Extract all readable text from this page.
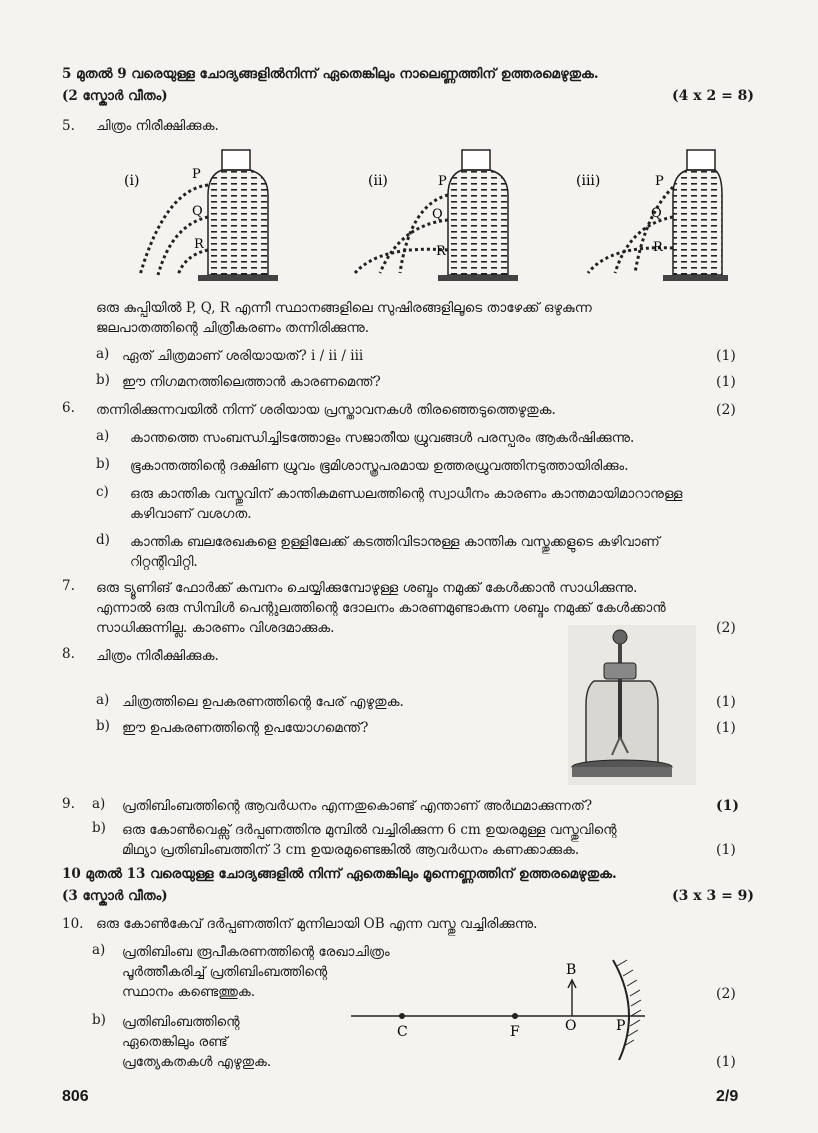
5 മുതൽ 9 വരെയുള്ള ചോദ്യങ്ങളിൽനിന്ന് ഏതെങ്കിലും നാലെണ്ണത്തിന് ഉത്തരമെഴുതുക.
(2 സ്കോർ വീതം)	(4 x 2 = 8)
5. ചിത്രം നിരീക്ഷിക്കുക.
(i)	P
Q
R
(ii)	P
Q
R
(iii)	P
Q
R
ഒരു കുപ്പിയിൽ P, Q, R എന്നീ സ്ഥാനങ്ങളിലെ സുഷിരങ്ങളിലൂടെ താഴേക്ക് ഒഴുകുന്ന
ജലപാതത്തിന്റെ ചിത്രീകരണം തന്നിരിക്കുന്നു.
a) ഏത് ചിത്രമാണ് ശരിയായത്? i / ii / iii	(1)
b) ഈ നിഗമനത്തിലെത്താൻ കാരണമെന്ത്?	(1)
6. തന്നിരിക്കുന്നവയിൽ നിന്ന് ശരിയായ പ്രസ്താവനകൾ തിരഞ്ഞെടുത്തെഴുതുക.	(2)
a) കാന്തത്തെ സംബന്ധിച്ചിടത്തോളം സജാതീയ ധ്രുവങ്ങൾ പരസ്പരം ആകർഷിക്കുന്നു.
b) ഭൂകാന്തത്തിന്റെ ദക്ഷിണ ധ്രുവം ഭൂമിശാസ്ത്രപരമായ ഉത്തരധ്രുവത്തിനടുത്തായിരിക്കും.
c) ഒരു കാന്തിക വസ്തുവിന് കാന്തികമണ്ഡലത്തിന്റെ സ്വാധീനം കാരണം കാന്തമായിമാറാനുള്ള
കഴിവാണ് വശഗത.
d) കാന്തിക ബലരേഖകളെ ഉള്ളിലേക്ക് കടത്തിവിടാനുള്ള കാന്തിക വസ്തുക്കളുടെ കഴിവാണ്
റിറ്റന്റിവിറ്റി.
7. ഒരു ട്യൂണിങ് ഫോർക്ക് കമ്പനം ചെയ്യിക്കുമ്പോഴുള്ള ശബ്ദം നമുക്ക് കേൾക്കാൻ സാധിക്കുന്നു.
എന്നാൽ ഒരു സിമ്പിൾ പെന്റുലത്തിന്റെ ദോലനം കാരണമുണ്ടാകുന്ന ശബ്ദം നമുക്ക് കേൾക്കാൻ
സാധിക്കുന്നില്ല. കാരണം വിശദമാക്കുക.	(2)
8. ചിത്രം നിരീക്ഷിക്കുക.
a) ചിത്രത്തിലെ ഉപകരണത്തിന്റെ പേര് എഴുതുക.	(1)
b) ഈ ഉപകരണത്തിന്റെ ഉപയോഗമെന്ത്?	(1)
9. a) പ്രതിബിംബത്തിന്റെ ആവർധനം എന്നതുകൊണ്ട് എന്താണ് അർഥമാക്കുന്നത്?	(1)
b) ഒരു കോൺവെക്സ് ദർപ്പണത്തിനു മുമ്പിൽ വച്ചിരിക്കുന്ന 6 cm ഉയരമുള്ള വസ്തുവിന്റെ
മിഥ്യാ പ്രതിബിംബത്തിന് 3 cm ഉയരമുണ്ടെങ്കിൽ ആവർധനം കണക്കാക്കുക.	(1)
10 മുതൽ 13 വരെയുള്ള ചോദ്യങ്ങളിൽ നിന്ന് ഏതെങ്കിലും മൂന്നെണ്ണത്തിന് ഉത്തരമെഴുതുക.
(3 സ്കോർ വീതം)	(3 x 3 = 9)
10. ഒരു കോൺകേവ് ദർപ്പണത്തിന് മുന്നിലായി OB എന്ന വസ്തു വച്ചിരിക്കുന്നു.
a) പ്രതിബിംബ രൂപീകരണത്തിന്റെ രേഖാചിത്രം
പൂർത്തീകരിച്ച് പ്രതിബിംബത്തിന്റെ
സ്ഥാനം കണ്ടെത്തുക.	(2)
b) പ്രതിബിംബത്തിന്റെ
ഏതെങ്കിലും രണ്ട്
പ്രത്യേകതകൾ എഴുതുക.	(1)
B
C	F	O	P
806	2/9
